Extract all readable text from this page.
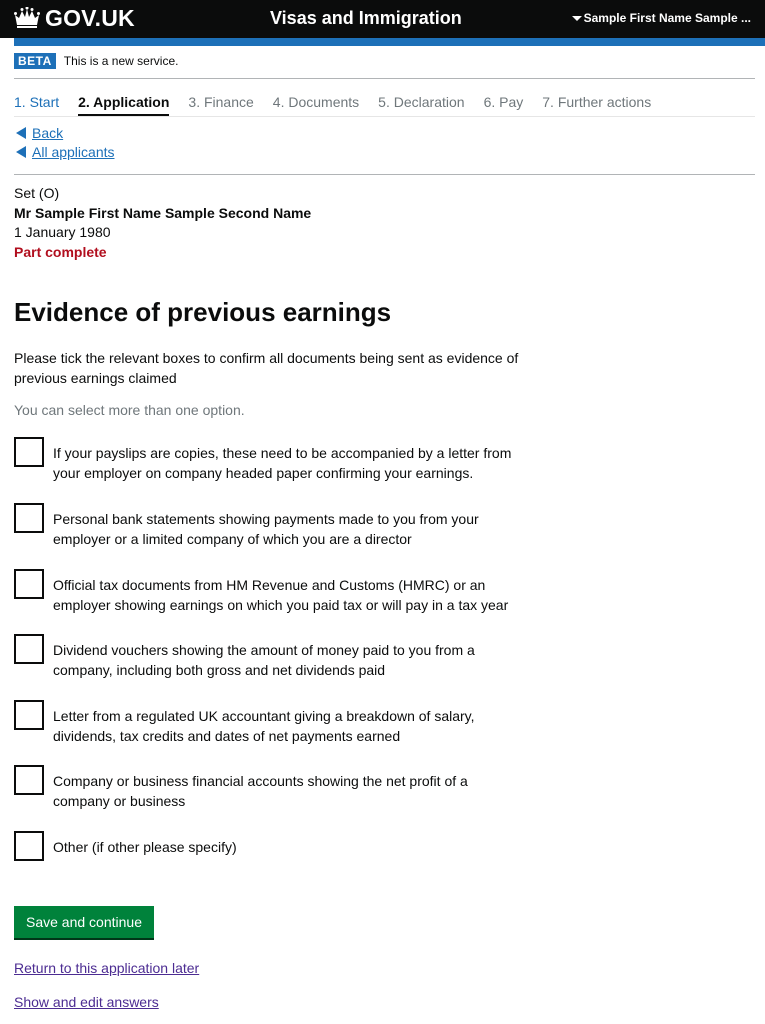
GOV.UK	Visas and Immigration	Sample First Name Sample ...
BETA	This is a new service.
1. Start 2. Application 3. Finance 4. Documents 5. Declaration 6. Pay 7. Further actions
Back
All applicants
Set (O)
Mr Sample First Name Sample Second Name
1 January 1980
Part complete
Evidence of previous earnings

Please tick the relevant boxes to confirm all documents being sent as evidence of previous earnings claimed

You can select more than one option.

If your payslips are copies, these need to be accompanied by a letter from your employer on company headed paper confirming your earnings.
Personal bank statements showing payments made to you from your employer or a limited company of which you are a director
Official tax documents from HM Revenue and Customs (HMRC) or an employer showing earnings on which you paid tax or will pay in a tax year
Dividend vouchers showing the amount of money paid to you from a company, including both gross and net dividends paid
Letter from a regulated UK accountant giving a breakdown of salary, dividends, tax credits and dates of net payments earned
Company or business financial accounts showing the net profit of a company or business
Other (if other please specify)
Save and continue
Return to this application later
Show and edit answers
